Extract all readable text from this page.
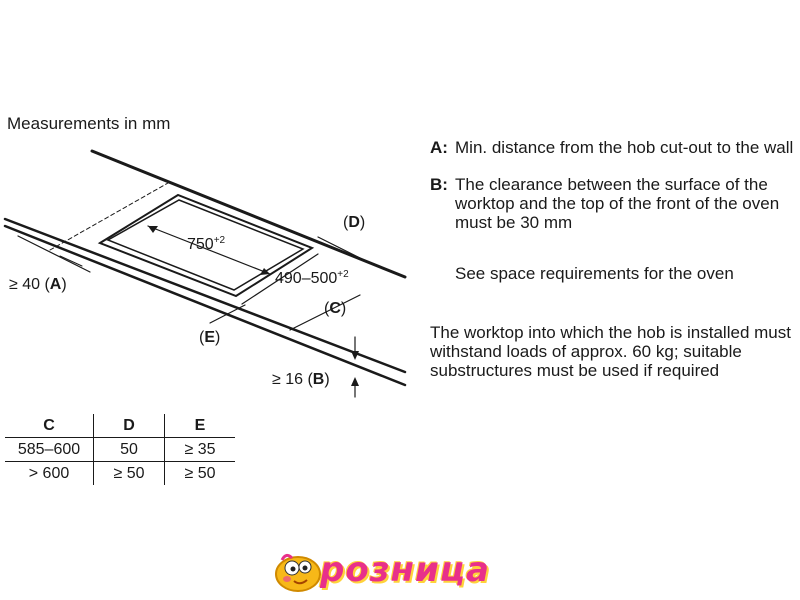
Measurements in mm
(D)
≥ 40 (A)
$750^{+2}$
$490-500^{+2}$
(C)
(E)
≥ 16 (B)
A: Min. distance from the hob cut-out to the wall
B: The clearance between the surface of the worktop and the top of the front of the oven must be 30 mm
See space requirements for the oven
The worktop into which the hob is installed must withstand loads of approx. 60 kg; suitable substructures must be used if required
C	D	E
585–600	50	≥ 35
> 600	≥ 50	≥ 50
розница
